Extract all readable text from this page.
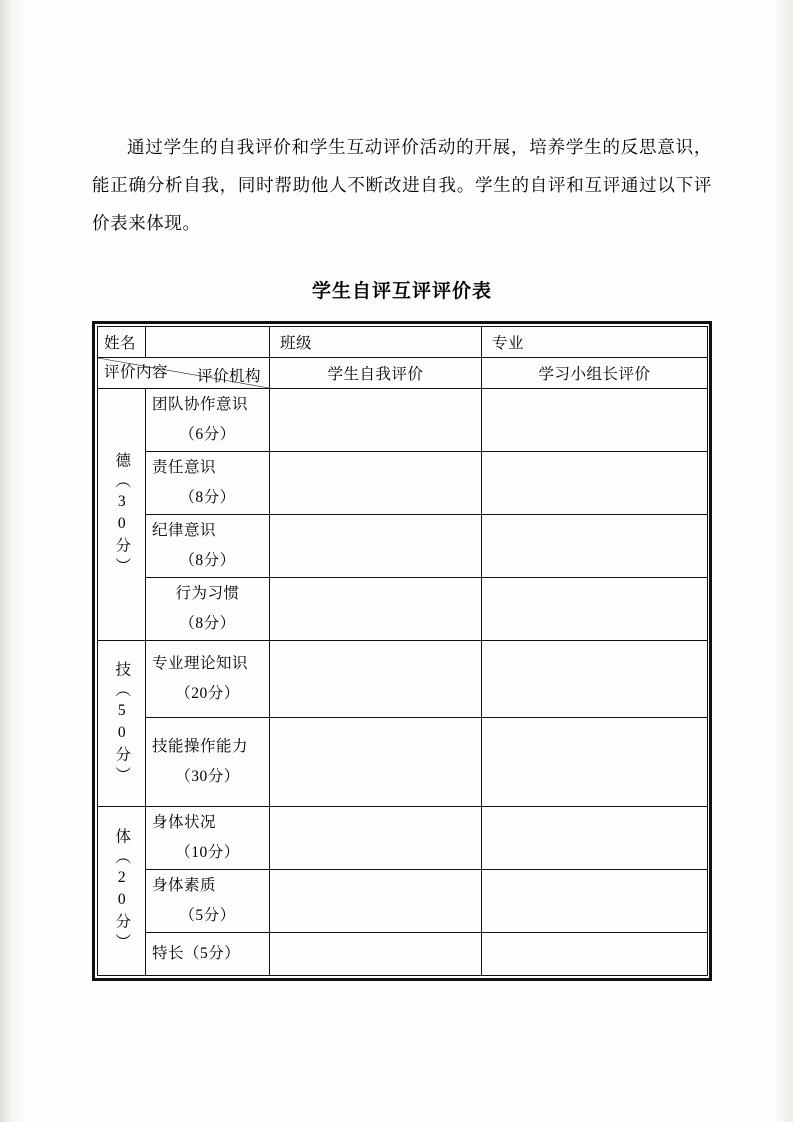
通过学生的自我评价和学生互动评价活动的开展，培养学生的反思意识，能正确分析自我，同时帮助他人不断改进自我。学生的自评和互评通过以下评价表来体现。

学生自评互评评价表
姓名		班级	专业

评价机构
评价内容		学生自我评价	学习小组长评价

德（30分）	团队协作意识
（6分）		

	责任意识
（8分）		

	纪律意识
（8分）		

	行为习惯
（8分）		

技（50分）	专业理论知识
（20分）		

	技能操作能力
（30分）		

体（20分）	身体状况
（10分）		

	身体素质
（5分）		

	特长（5分）		
